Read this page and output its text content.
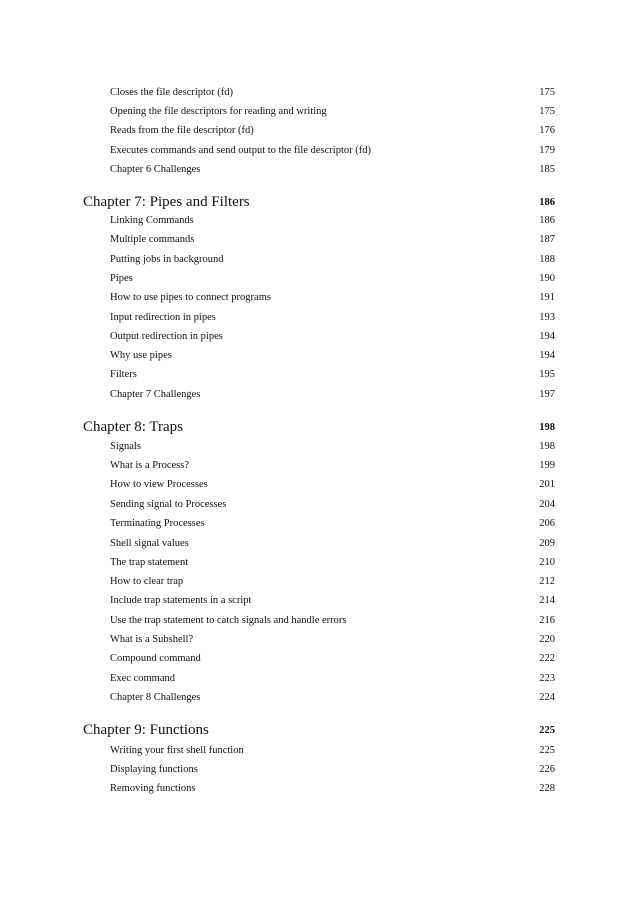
Closes the file descriptor (fd)	175
Opening the file descriptors for reading and writing	175
Reads from the file descriptor (fd)	176
Executes commands and send output to the file descriptor (fd)	179
Chapter 6 Challenges	185
Chapter 7: Pipes and Filters	186
Linking Commands	186
Multiple commands	187
Putting jobs in background	188
Pipes	190
How to use pipes to connect programs	191
Input redirection in pipes	193
Output redirection in pipes	194
Why use pipes	194
Filters	195
Chapter 7 Challenges	197
Chapter 8: Traps	198
Signals	198
What is a Process?	199
How to view Processes	201
Sending signal to Processes	204
Terminating Processes	206
Shell signal values	209
The trap statement	210
How to clear trap	212
Include trap statements in a script	214
Use the trap statement to catch signals and handle errors	216
What is a Subshell?	220
Compound command	222
Exec command	223
Chapter 8 Challenges	224
Chapter 9: Functions	225
Writing your first shell function	225
Displaying functions	226
Removing functions	228
